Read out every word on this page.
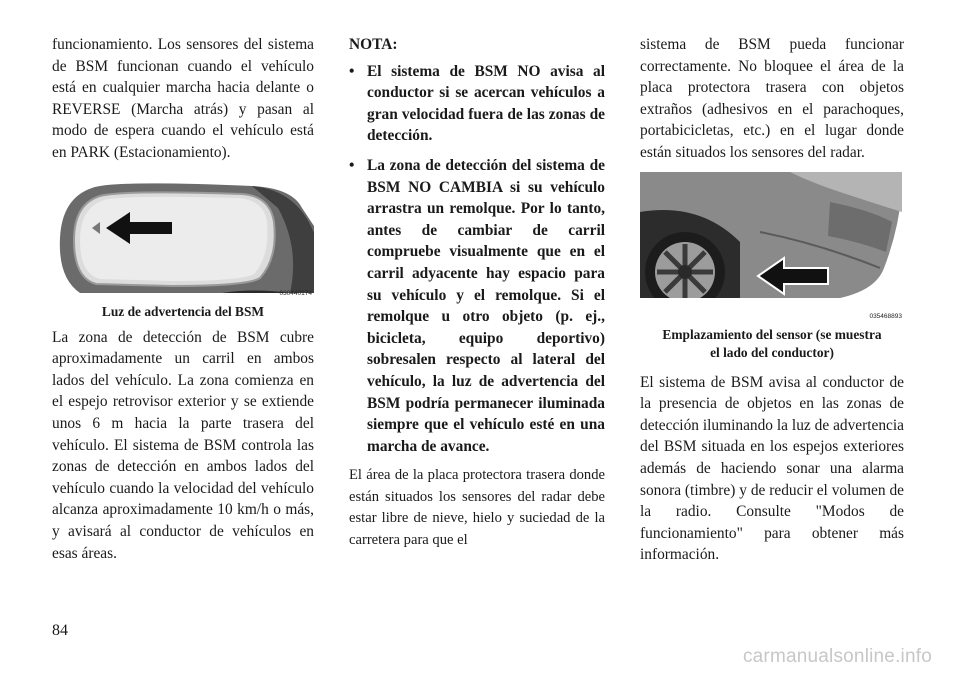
funcionamiento. Los sensores del sistema de BSM funcionan cuando el vehículo está en cualquier marcha hacia delante o REVERSE (Marcha atrás) y pasan al modo de espera cuando el vehículo está en PARK (Estacionamiento).

030440174
Luz de advertencia del BSM

La zona de detección de BSM cubre aproximadamente un carril en ambos lados del vehículo. La zona comienza en el espejo retrovisor exterior y se extiende unos 6 m hacia la parte trasera del vehículo. El sistema de BSM controla las zonas de detección en ambos lados del vehículo cuando la velocidad del vehículo alcanza aproximadamente 10 km/h o más, y avisará al conductor de vehículos en esas áreas.

NOTA:
• El sistema de BSM NO avisa al conductor si se acercan vehículos a gran velocidad fuera de las zonas de detección.
• La zona de detección del sistema de BSM NO CAMBIA si su vehículo arrastra un remolque. Por lo tanto, antes de cambiar de carril compruebe visualmente que en el carril adyacente hay espacio para su vehículo y el remolque. Si el remolque u otro objeto (p. ej., bicicleta, equipo deportivo) sobresalen respecto al lateral del vehículo, la luz de advertencia del BSM podría permanecer iluminada siempre que el vehículo esté en una marcha de avance.

El área de la placa protectora trasera donde están situados los sensores del radar debe estar libre de nieve, hielo y suciedad de la carretera para que el

sistema de BSM pueda funcionar correctamente. No bloquee el área de la placa protectora trasera con objetos extraños (adhesivos en el parachoques, portabicicletas, etc.) en el lugar donde están situados los sensores del radar.

035468893
Emplazamiento del sensor (se muestra el lado del conductor)

El sistema de BSM avisa al conductor de la presencia de objetos en las zonas de detección iluminando la luz de advertencia del BSM situada en los espejos exteriores además de haciendo sonar una alarma sonora (timbre) y de reducir el volumen de la radio. Consulte "Modos de funcionamiento" para obtener más información.

84
carmanualsonline.info
